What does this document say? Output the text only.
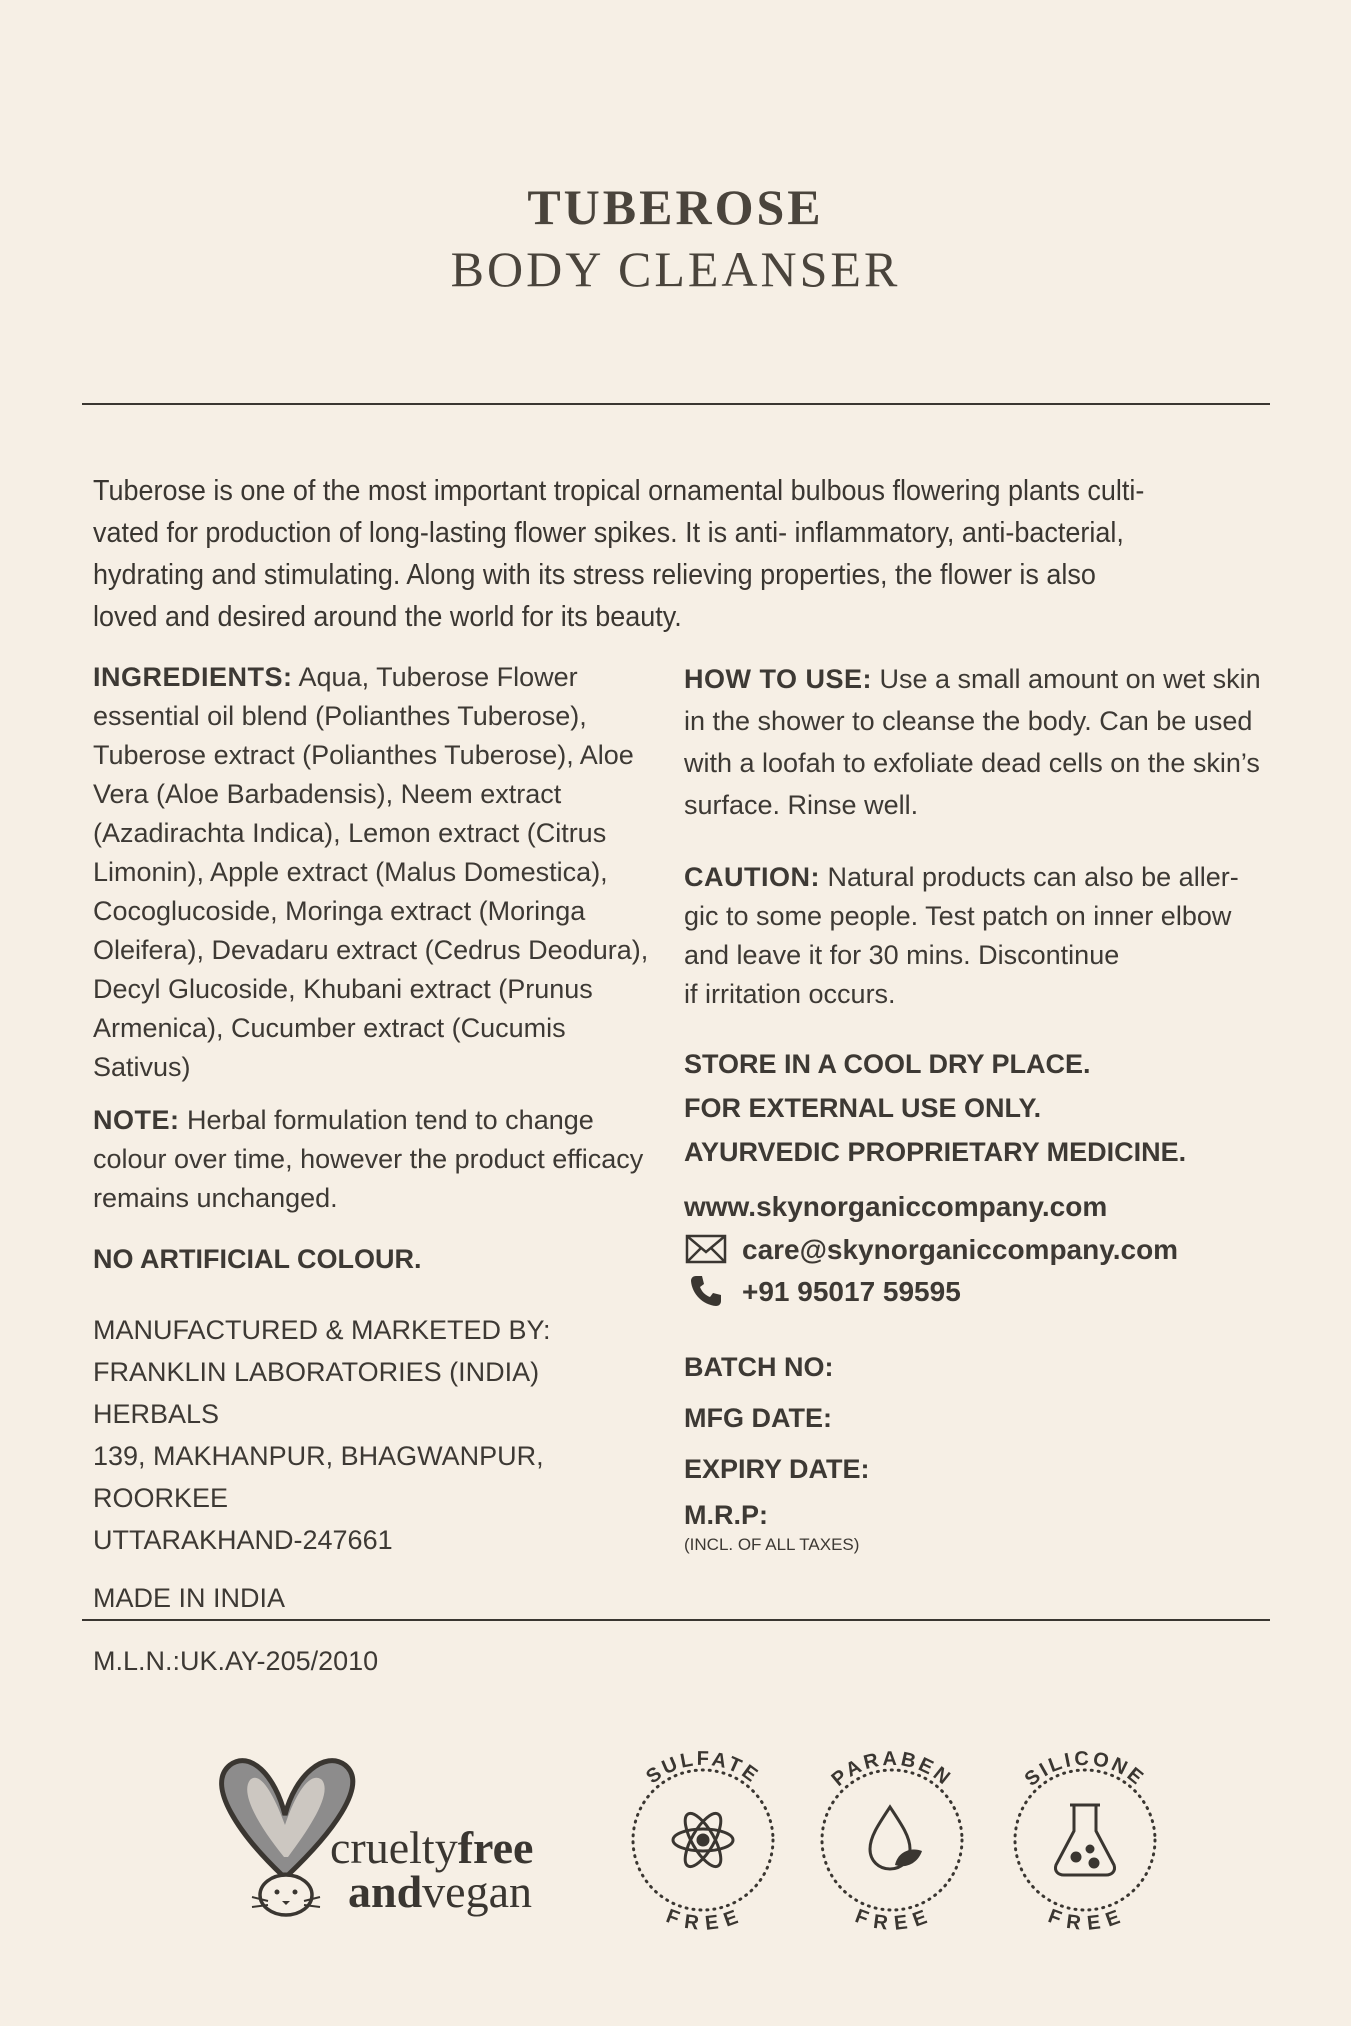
TUBEROSE
BODY CLEANSER
Tuberose is one of the most important tropical ornamental bulbous flowering plants culti-
vated for production of long-lasting flower spikes. It is anti- inflammatory, anti-bacterial,
hydrating and stimulating. Along with its stress relieving properties, the flower is also
loved and desired around the world for its beauty.
INGREDIENTS: Aqua, Tuberose Flower
essential oil blend (Polianthes Tuberose),
Tuberose extract (Polianthes Tuberose), Aloe
Vera (Aloe Barbadensis), Neem extract
(Azadirachta Indica), Lemon extract (Citrus
Limonin), Apple extract (Malus Domestica),
Cocoglucoside, Moringa extract (Moringa
Oleifera), Devadaru extract (Cedrus Deodura),
Decyl Glucoside, Khubani extract (Prunus
Armenica), Cucumber extract (Cucumis Sativus)
NOTE: Herbal formulation tend to change
colour over time, however the product efficacy
remains unchanged.
NO ARTIFICIAL COLOUR.
MANUFACTURED & MARKETED BY:
FRANKLIN LABORATORIES (INDIA) HERBALS
139, MAKHANPUR, BHAGWANPUR, ROORKEE
UTTARAKHAND-247661
MADE IN INDIA
M.L.N.:UK.AY-205/2010
HOW TO USE: Use a small amount on wet skin
in the shower to cleanse the body. Can be used
with a loofah to exfoliate dead cells on the skin’s
surface. Rinse well.
CAUTION: Natural products can also be aller-
gic to some people. Test patch on inner elbow
and leave it for 30 mins. Discontinue
if irritation occurs.
STORE IN A COOL DRY PLACE.
FOR EXTERNAL USE ONLY.
AYURVEDIC PROPRIETARY MEDICINE.
www.skynorganiccompany.com
care@skynorganiccompany.com
+91 95017 59595
BATCH NO:
MFG DATE:
EXPIRY DATE:
M.R.P:
(INCL. OF ALL TAXES)
crueltyfree
andvegan
SULFATE
FREE
PARABEN
FREE
SILICONE
FREE
